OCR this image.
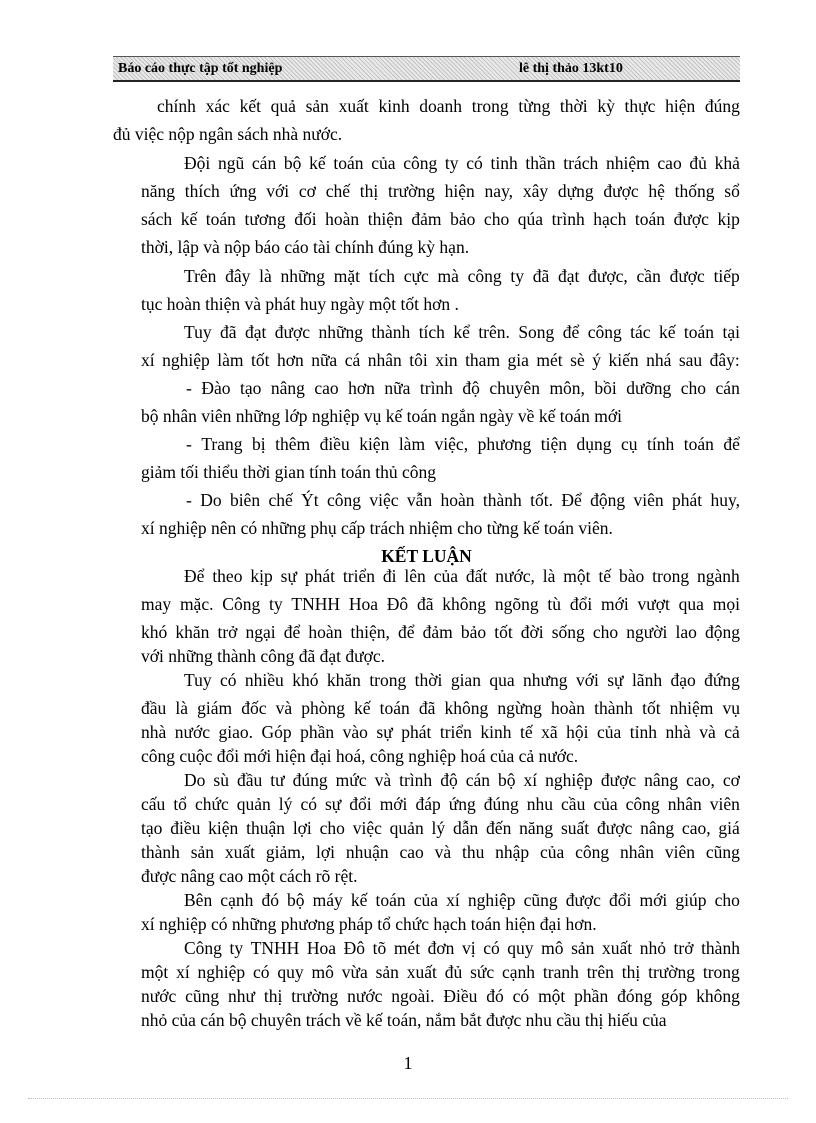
Báo cáo thực tập tốt nghiệp	lê thị thảo 13kt10
chính xác kết quả sản xuất kinh doanh trong từng thời kỳ thực hiện đúng
đủ việc nộp ngân sách nhà nước.
Đội ngũ cán bộ kế toán của công ty có tinh thần trách nhiệm cao đủ khả
năng thích ứng với cơ chế thị trường hiện nay, xây dựng được hệ thống sổ
sách kế toán tương đối hoàn thiện đảm bảo cho qúa trình hạch toán được kịp
thời, lập và nộp báo cáo tài chính đúng kỳ hạn.
Trên đây là những mặt tích cực mà công ty đã đạt được, cần được tiếp
tục hoàn thiện và phát huy ngày một tốt hơn .
Tuy đã đạt được những thành tích kể trên. Song để công tác kế toán tại
xí nghiệp làm tốt hơn nữa cá nhân tôi xin tham gia mét sè ý kiến nhá sau đây:
- Đào tạo nâng cao hơn nữa trình độ chuyên môn, bồi dưỡng cho cán
bộ nhân viên những lớp nghiệp vụ kế toán ngắn ngày về kế toán mới
- Trang bị thêm điều kiện làm việc, phương tiện dụng cụ tính toán để
giảm tối thiểu thời gian tính toán thủ công
- Do biên chế Ýt công việc vẫn hoàn thành tốt. Để động viên phát huy,
xí nghiệp nên có những phụ cấp trách nhiệm cho từng kế toán viên.
KẾT LUẬN
Để theo kịp sự phát triển đi lên của đất nước, là một tế bào trong ngành
may mặc. Công ty TNHH Hoa Đô đã không ngõng tù đổi mới vượt qua mọi
khó khăn trở ngại để hoàn thiện, để đảm bảo tốt đời sống cho người lao động
với những thành công đã đạt được.
Tuy có nhiều khó khăn trong thời gian qua nhưng với sự lãnh đạo đứng
đầu là giám đốc và phòng kế toán đã không ngừng hoàn thành tốt nhiệm vụ
nhà nước giao. Góp phần vào sự phát triển kinh tế xã hội của tỉnh nhà và cả
công cuộc đổi mới hiện đại hoá, công nghiệp hoá của cả nước.
Do sù đầu tư đúng mức và trình độ cán bộ xí nghiệp được nâng cao, cơ
cấu tổ chức quản lý có sự đổi mới đáp ứng đúng nhu cầu của công nhân viên
tạo điều kiện thuận lợi cho việc quản lý dẫn đến năng suất được nâng cao, giá
thành sản xuất giảm, lợi nhuận cao và thu nhập của công nhân viên cũng
được nâng cao một cách rõ rệt.
Bên cạnh đó bộ máy kế toán của xí nghiệp cũng được đổi mới giúp cho
xí nghiệp có những phương pháp tổ chức hạch toán hiện đại hơn.
Công ty TNHH Hoa Đô tõ mét đơn vị có quy mô sản xuất nhỏ trở thành
một xí nghiệp có quy mô vừa sản xuất đủ sức cạnh tranh trên thị trường trong
nước cũng như thị trường nước ngoài. Điều đó có một phần đóng góp không
nhỏ của cán bộ chuyên trách về kế toán, nắm bắt được nhu cầu thị hiếu của
1
